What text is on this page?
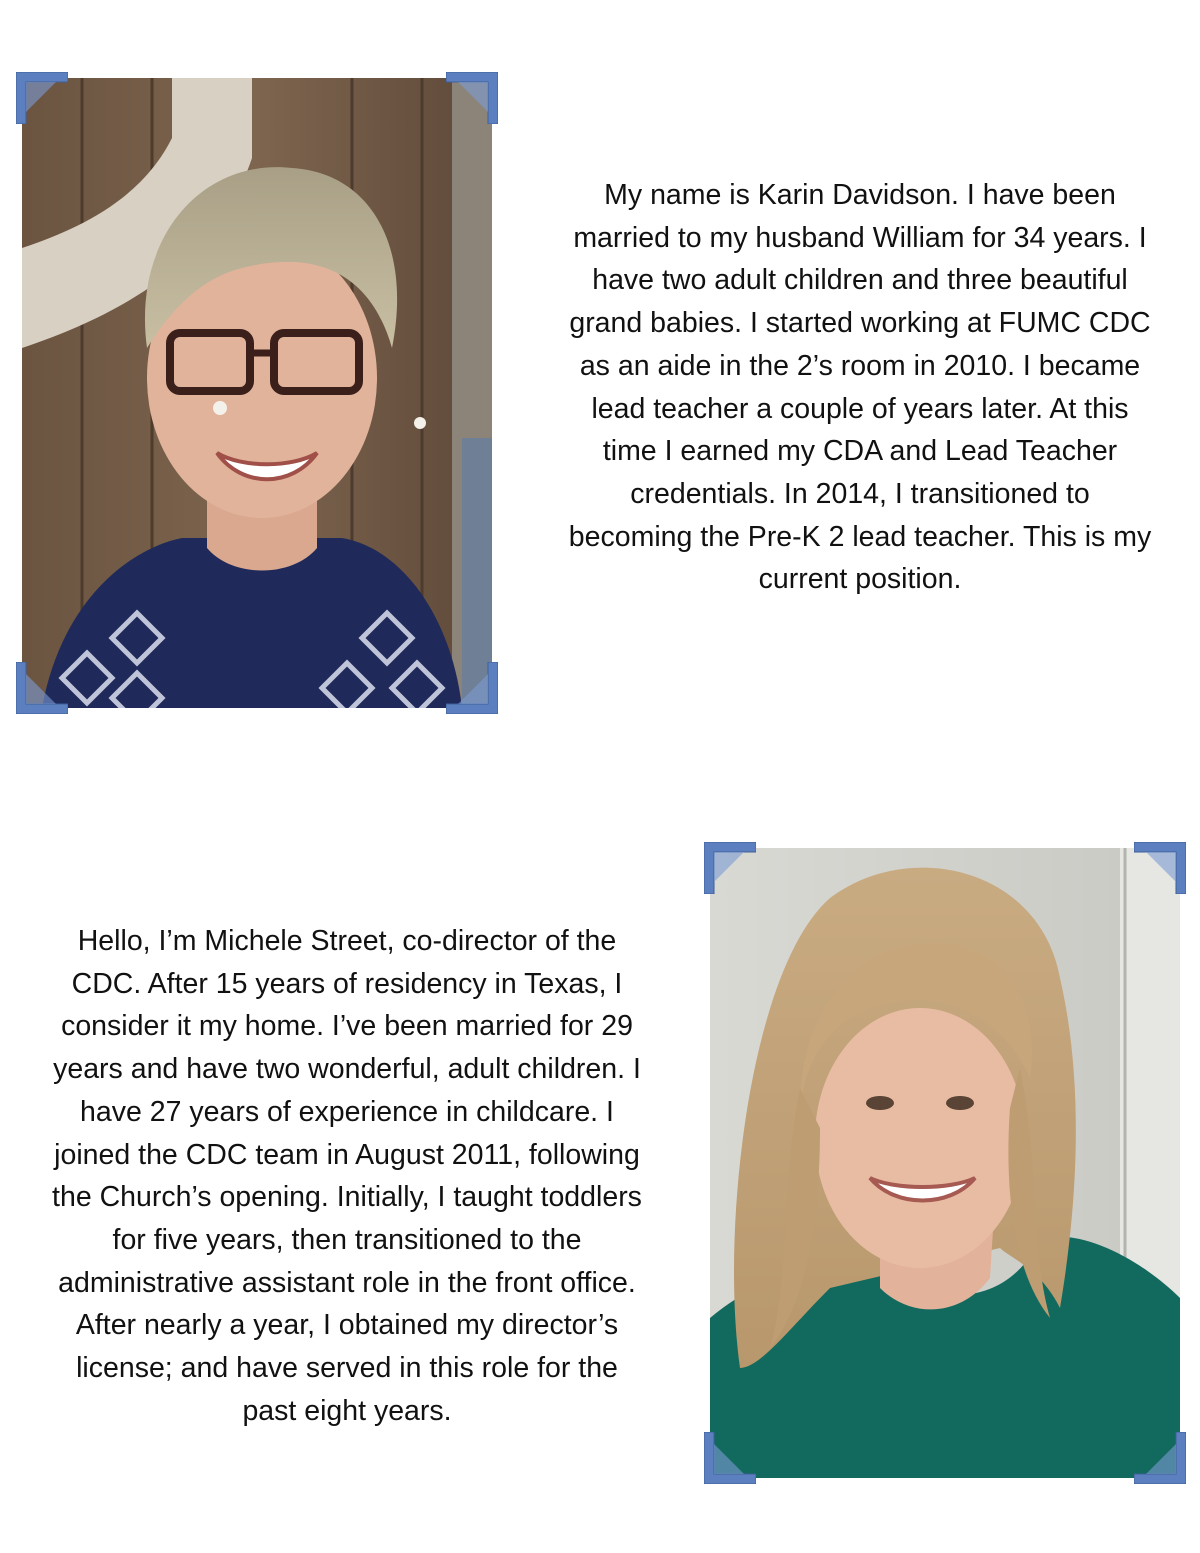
My name is Karin Davidson. I have been
married to my husband William for 34 years. I
have two adult children and three beautiful
grand babies. I started working at FUMC CDC
as an aide in the 2’s room in 2010. I became
lead teacher a couple of years later. At this
time I earned my CDA and Lead Teacher
credentials. In 2014, I transitioned to
becoming the Pre-K 2 lead teacher. This is my
current position.
Hello, I’m Michele Street, co-director of the
CDC. After 15 years of residency in Texas, I
consider it my home. I’ve been married for 29
years and have two wonderful, adult children. I
have 27 years of experience in childcare. I
joined the CDC team in August 2011, following
the Church’s opening. Initially, I taught toddlers
for five years, then transitioned to the
administrative assistant role in the front office.
After nearly a year, I obtained my director’s
license; and have served in this role for the
past eight years.
